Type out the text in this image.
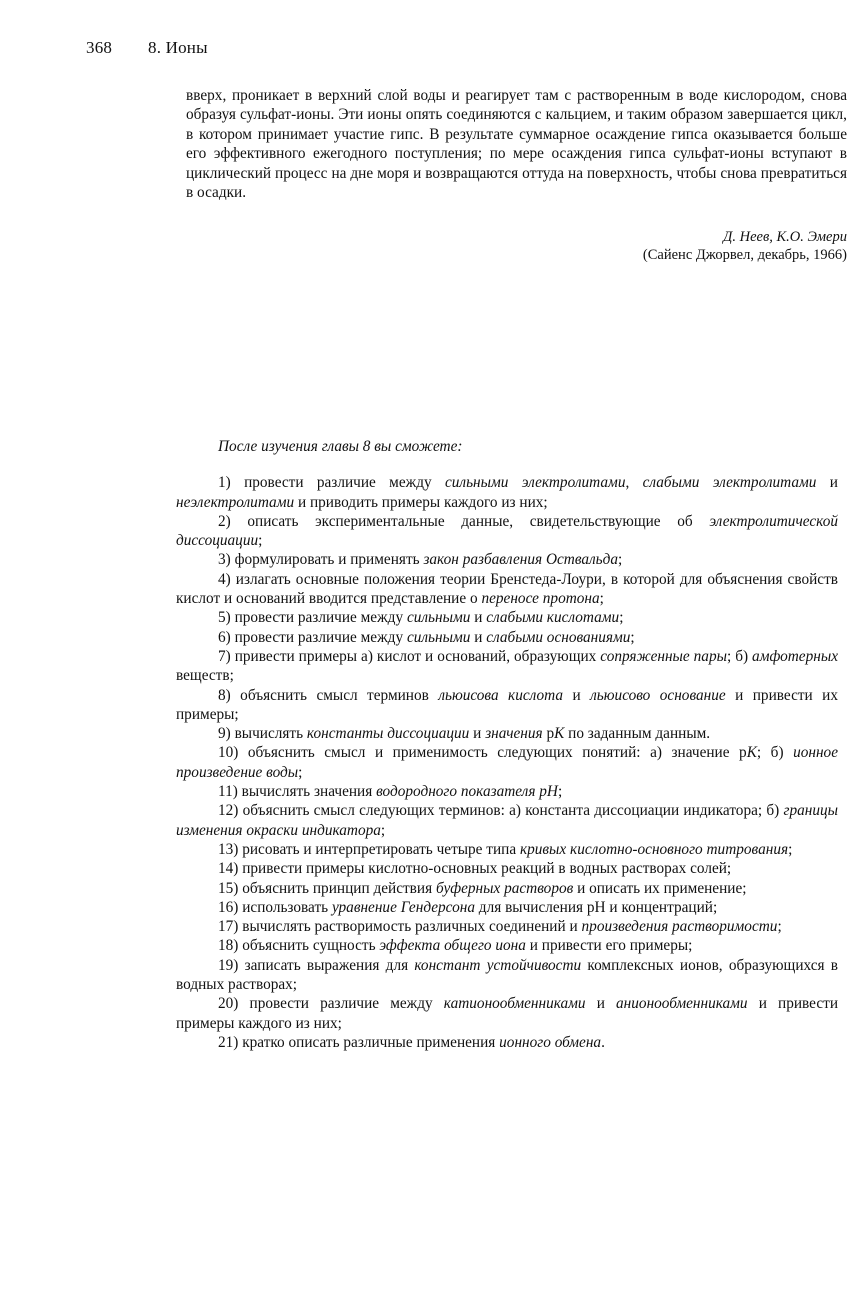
368 8. Ионы
вверх, проникает в верхний слой воды и реагирует там с растворенным в воде кислородом, снова образуя сульфат-ионы. Эти ионы опять соединяются с кальцием, и таким образом завершается цикл, в котором принимает участие гипс. В результате суммарное осаждение гипса оказывается больше его эффективного ежегодного поступления; по мере осаждения гипса сульфат-ионы вступают в циклический процесс на дне моря и возвращаются оттуда на поверхность, чтобы снова превратиться в осадки.
Д. Неев, К.О. Эмери
(Сайенс Джорвел, декабрь, 1966)

После изучения главы 8 вы сможете:

1) провести различие между сильными электролитами, слабыми электролитами и неэлектролитами и приводить примеры каждого из них;

2) описать экспериментальные данные, свидетельствующие об электролитической диссоциации;

3) формулировать и применять закон разбавления Оствальда;

4) излагать основные положения теории Бренстеда-Лоури, в которой для объяснения свойств кислот и оснований вводится представление о переносе протона;

5) провести различие между сильными и слабыми кислотами;

6) провести различие между сильными и слабыми основаниями;

7) привести примеры а) кислот и оснований, образующих сопряженные пары; б) амфотерных веществ;

8) объяснить смысл терминов льюисова кислота и льюисово основание и привести их примеры;

9) вычислять константы диссоциации и значения pK по заданным данным.

10) объяснить смысл и применимость следующих понятий: а) значение pK; б) ионное произведение воды;

11) вычислять значения водородного показателя pH;

12) объяснить смысл следующих терминов: а) константа диссоциации индикатора; б) границы изменения окраски индикатора;

13) рисовать и интерпретировать четыре типа кривых кислотно-основного титрования;

14) привести примеры кислотно-основных реакций в водных растворах солей;

15) объяснить принцип действия буферных растворов и описать их применение;

16) использовать уравнение Гендерсона для вычисления pH и концентраций;

17) вычислять растворимость различных соединений и произведения растворимости;

18) объяснить сущность эффекта общего иона и привести его примеры;

19) записать выражения для констант устойчивости комплексных ионов, образующихся в водных растворах;

20) провести различие между катионообменниками и анионообменниками и привести примеры каждого из них;

21) кратко описать различные применения ионного обмена.
